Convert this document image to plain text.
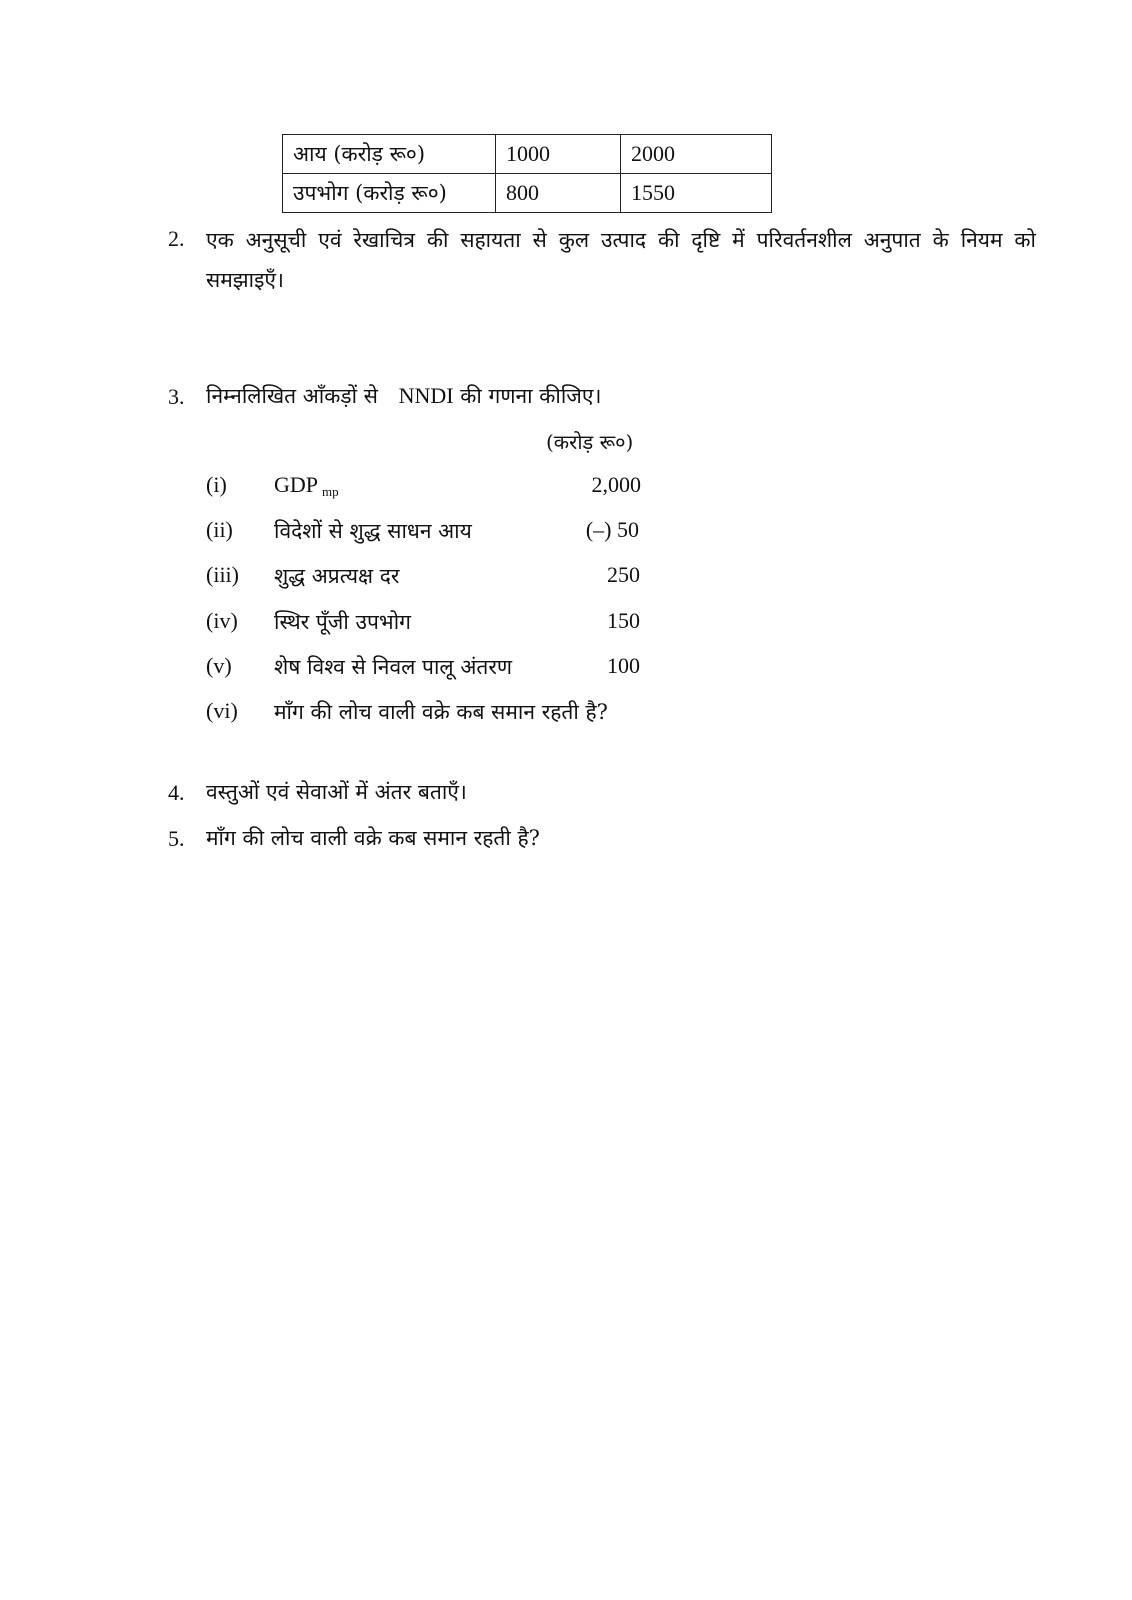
आय (करोड़ रू०)	1000	2000
उपभोग (करोड़ रू०)	800	1550
2. एक अनुसूची एवं रेखाचित्र की सहायता से कुल उत्पाद की दृष्टि में परिवर्तनशील अनुपात के नियम को समझाइएँ।
3. निम्नलिखित आँकड़ों से NNDI की गणना कीजिए।
(करोड़ रू०)
(i) GDP $_{mp}$	2,000
(ii) विदेशों से शुद्ध साधन आय	(–) 50
(iii) शुद्ध अप्रत्यक्ष दर	250
(iv) स्थिर पूँजी उपभोग	150
(v) शेष विश्व से निवल पालू अंतरण	100
(vi) माँग की लोच वाली वक्रे कब समान रहती है?
4. वस्तुओं एवं सेवाओं में अंतर बताएँ।
5. माँग की लोच वाली वक्रे कब समान रहती है?
